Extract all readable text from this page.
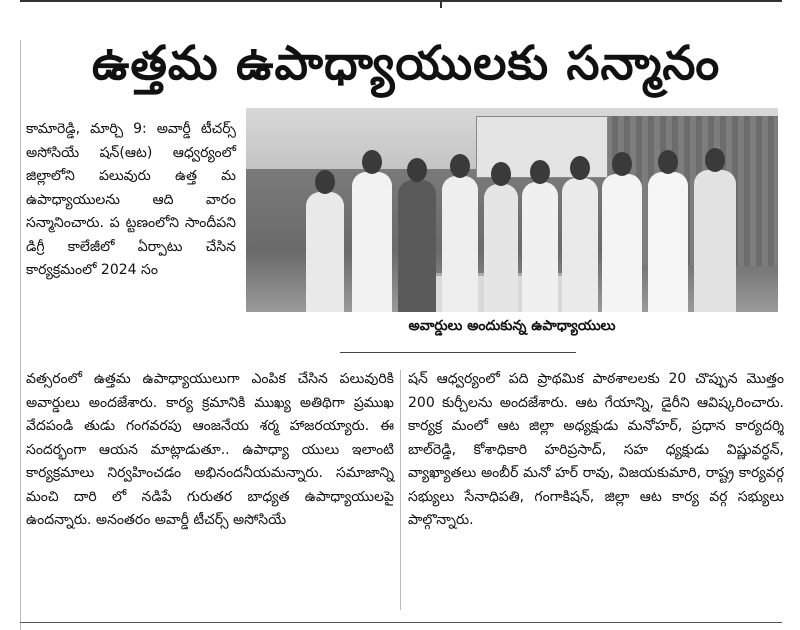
ఉత్తమ ఉపాధ్యాయులకు సన్మానం
కామారెడ్డి, మార్చి 9: అవార్డీ టీచర్స్ అసోసియే షన్(ఆట) ఆధ్వర్యంలో జిల్లాలోని పలువురు ఉత్త మ ఉపాధ్యాయులను ఆది వారం సన్మానించారు. ప ట్టణంలోని సాందీపని డిగ్రీ కాలేజీలో ఏర్పాటు చేసిన కార్యక్రమంలో 2024 సం
అవార్డులు అందుకున్న ఉపాధ్యాయులు
వత్సరంలో ఉత్తమ ఉపాధ్యాయులుగా ఎంపిక చేసిన పలువురికి అవార్డులు అందజేశారు. కార్య క్రమానికి ముఖ్య అతిథిగా ప్రముఖ వేదపండి తుడు గంగవరపు ఆంజనేయ శర్మ హాజరయ్యారు. ఈ సందర్భంగా ఆయన మాట్లాడుతూ.. ఉపాధ్యా యులు ఇలాంటి కార్యక్రమాలు నిర్వహించడం అభినందనీయమన్నారు. సమాజాన్ని మంచి దారి లో నడిపే గురుతర బాధ్యత ఉపాధ్యాయులపై ఉందన్నారు. అనంతరం అవార్డీ టీచర్స్ అసోసియే
షన్ ఆధ్వర్యంలో పది ప్రాథమిక పాఠశాలలకు 20 చొప్పున మొత్తం 200 కుర్చీలను అందజేశారు. ఆట గేయాన్ని, డైరీని ఆవిష్కరించారు. కార్యక్ర మంలో ఆట జిల్లా అధ్యక్షుడు మనోహర్, ప్రధాన కార్యదర్శి బాల్‌రెడ్డి, కోశాధికారి హరిప్రసాద్, సహ ధ్యక్షుడు విష్ణువర్ధన్, వ్యాఖ్యాతలు అంబీర్ మనో హర్ రావు, విజయకుమారి, రాష్ట్ర కార్యవర్గ సభ్యులు సేనాధిపతి, గంగాకిషన్, జిల్లా ఆట కార్య వర్గ సభ్యులు పాల్గొన్నారు.
